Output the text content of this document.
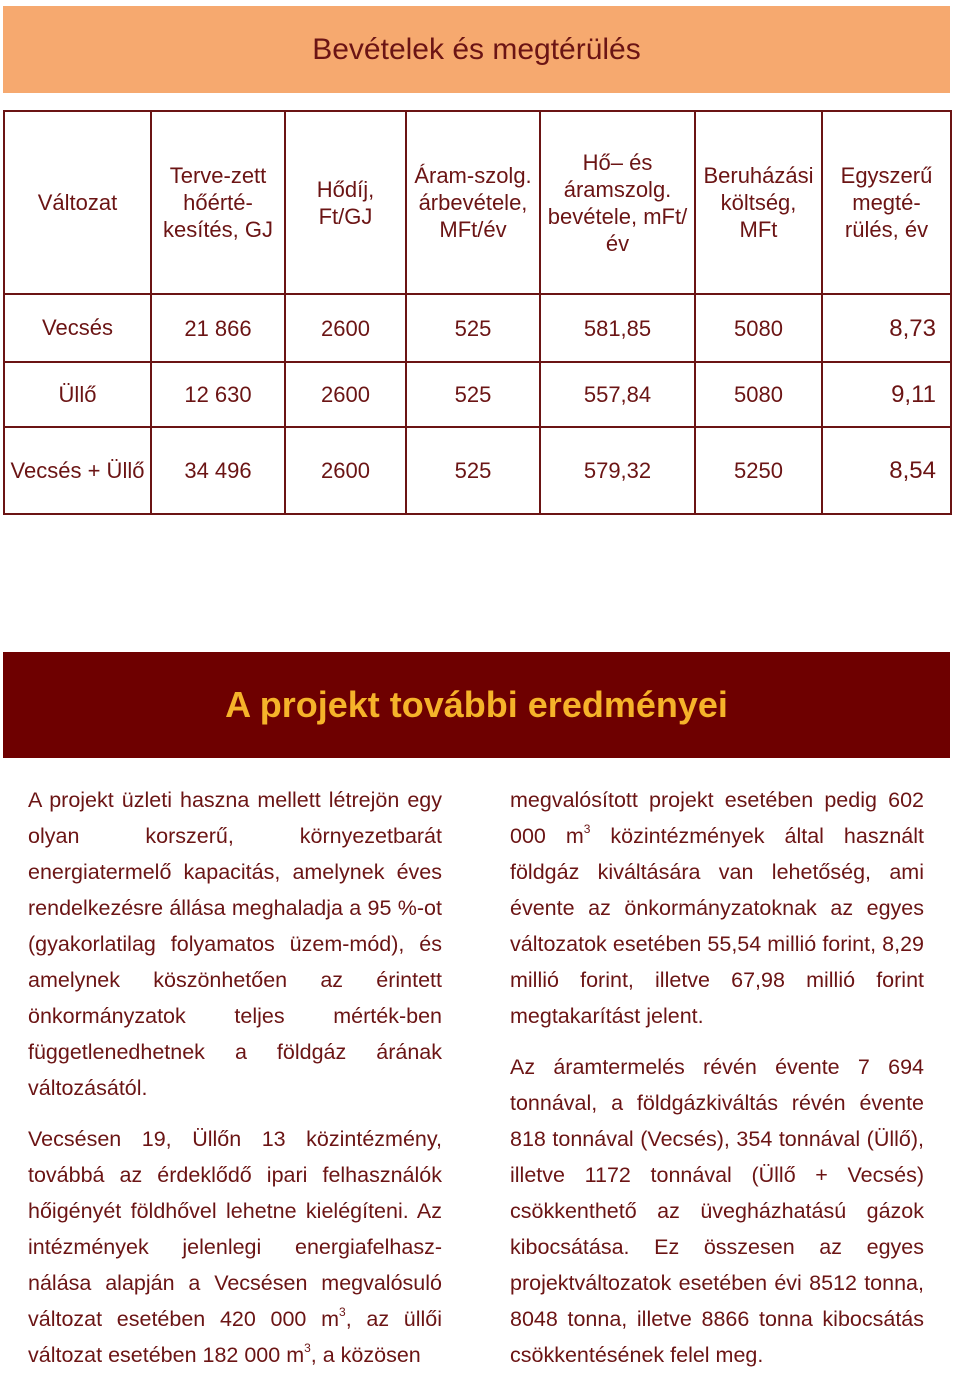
Bevételek és megtérülés
Változat	Terve-zett hőérté-kesítés, GJ	Hődíj, Ft/GJ	Áram-szolg. árbevétele, MFt/év	Hő– és áramszolg. bevétele, mFt/év	Beruházási költség, MFt	Egyszerű megté-rülés, év
Vecsés	21 866	2600	525	581,85	5080	8,73
Üllő	12 630	2600	525	557,84	5080	9,11
Vecsés + Üllő	34 496	2600	525	579,32	5250	8,54
A projekt további eredményei

A projekt üzleti haszna mellett létrejön egy olyan korszerű, környezetbarát energiatermelő kapacitás, amelynek éves rendelkezésre állása meghaladja a 95 %-ot (gyakorlatilag folyamatos üzem-mód), és amelynek köszönhetően az érintett önkormányzatok teljes mérték-ben függetlenedhetnek a földgáz árának változásától.

Vecsésen 19, Üllőn 13 közintézmény, továbbá az érdeklődő ipari felhasználók hőigényét földhővel lehetne kielégíteni. Az intézmények jelenlegi energiafelhasz-nálása alapján a Vecsésen megvalósuló változat esetében 420 000 $m^3$, az üllői változat esetében 182 000 $m^3$, a közösen

megvalósított projekt esetében pedig 602 000 $m^3$ közintézmények által használt földgáz kiváltására van lehetőség, ami évente az önkormányzatoknak az egyes változatok esetében 55,54 millió forint, 8,29 millió forint, illetve 67,98 millió forint megtakarítást jelent.

Az áramtermelés révén évente 7 694 tonnával, a földgázkiváltás révén évente 818 tonnával (Vecsés), 354 tonnával (Üllő), illetve 1172 tonnával (Üllő + Vecsés) csökkenthető az üvegházhatású gázok kibocsátása. Ez összesen az egyes projektváltozatok esetében évi 8512 tonna, 8048 tonna, illetve 8866 tonna kibocsátás csökkentésének felel meg.
